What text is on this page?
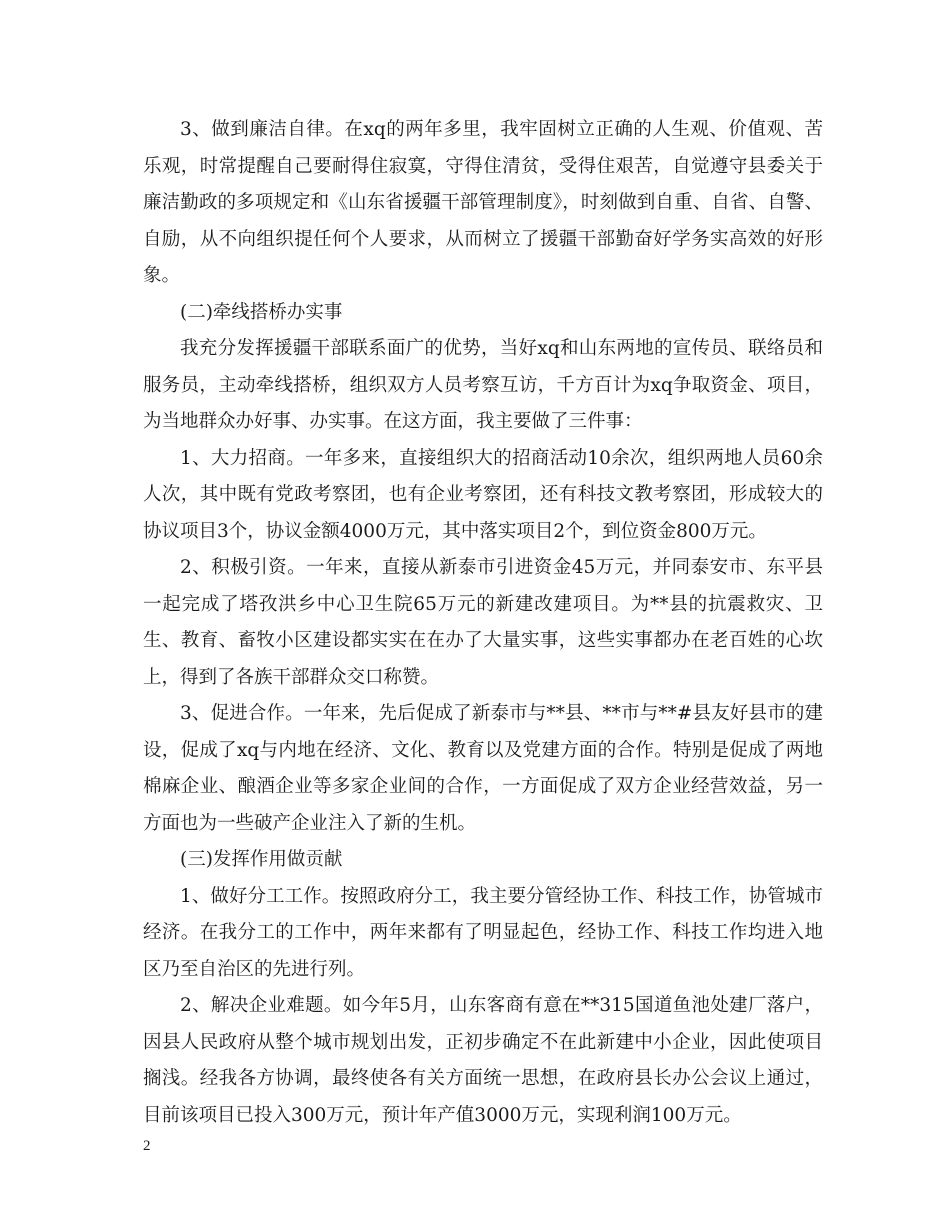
3、做到廉洁自律。在xq的两年多里，我牢固树立正确的人生观、价值观、苦乐观，时常提醒自己要耐得住寂寞，守得住清贫，受得住艰苦，自觉遵守县委关于廉洁勤政的多项规定和《山东省援疆干部管理制度》，时刻做到自重、自省、自警、自励，从不向组织提任何个人要求，从而树立了援疆干部勤奋好学务实高效的好形象。

(二)牵线搭桥办实事

我充分发挥援疆干部联系面广的优势，当好xq和山东两地的宣传员、联络员和服务员，主动牵线搭桥，组织双方人员考察互访，千方百计为xq争取资金、项目，为当地群众办好事、办实事。在这方面，我主要做了三件事：

1、大力招商。一年多来，直接组织大的招商活动10余次，组织两地人员60余人次，其中既有党政考察团，也有企业考察团，还有科技文教考察团，形成较大的协议项目3个，协议金额4000万元，其中落实项目2个，到位资金800万元。

2、积极引资。一年来，直接从新泰市引进资金45万元，并同泰安市、东平县一起完成了塔孜洪乡中心卫生院65万元的新建改建项目。为**县的抗震救灾、卫生、教育、畜牧小区建设都实实在在办了大量实事，这些实事都办在老百姓的心坎上，得到了各族干部群众交口称赞。

3、促进合作。一年来，先后促成了新泰市与**县、**市与**#县友好县市的建设，促成了xq与内地在经济、文化、教育以及党建方面的合作。特别是促成了两地棉麻企业、酿酒企业等多家企业间的合作，一方面促成了双方企业经营效益，另一方面也为一些破产企业注入了新的生机。

(三)发挥作用做贡献

1、做好分工工作。按照政府分工，我主要分管经协工作、科技工作，协管城市经济。在我分工的工作中，两年来都有了明显起色，经协工作、科技工作均进入地区乃至自治区的先进行列。

2、解决企业难题。如今年5月，山东客商有意在**315国道鱼池处建厂落户，因县人民政府从整个城市规划出发，正初步确定不在此新建中小企业，因此使项目搁浅。经我各方协调，最终使各有关方面统一思想，在政府县长办公会议上通过，目前该项目已投入300万元，预计年产值3000万元，实现利润100万元。

2
